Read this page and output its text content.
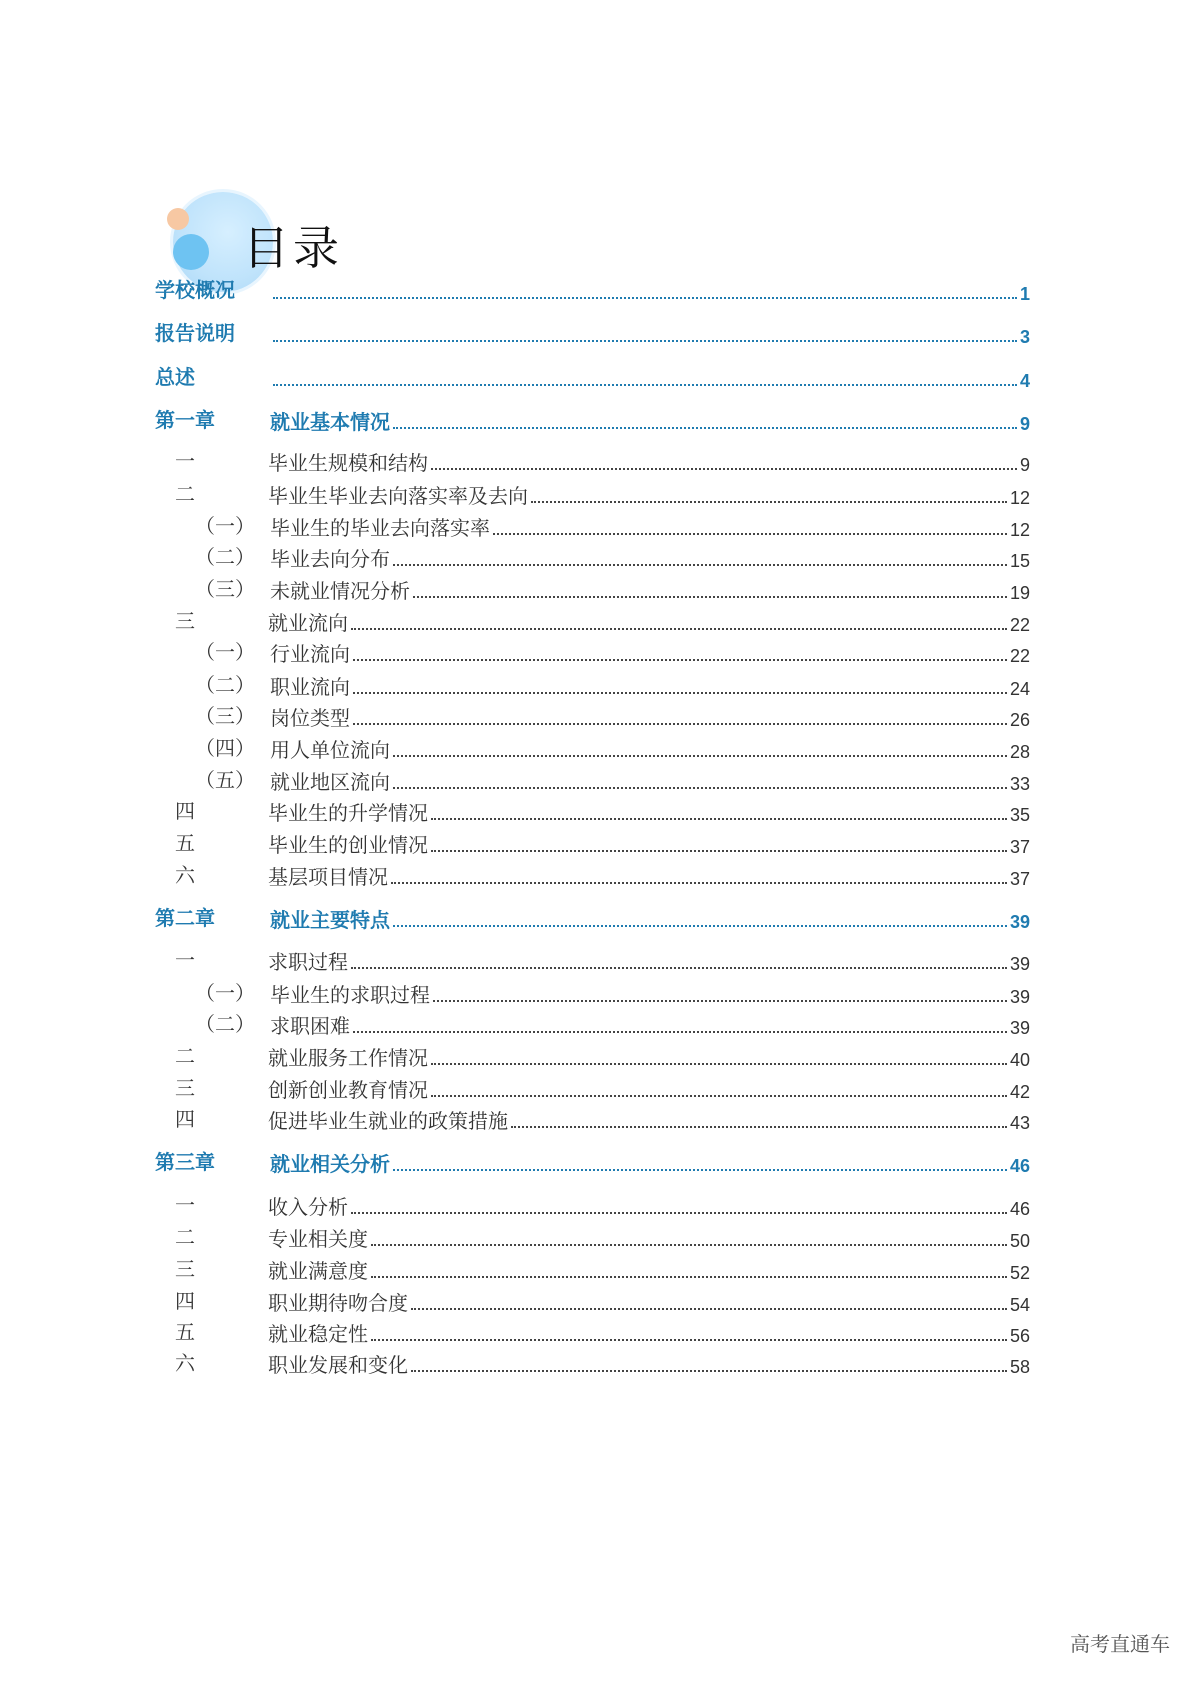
目录
学校概况	1
报告说明	3
总述	4
第一章	就业基本情况	9
一	毕业生规模和结构	9
二	毕业生毕业去向落实率及去向	12
（一） 毕业生的毕业去向落实率	12
（二） 毕业去向分布	15
（三） 未就业情况分析	19
三	就业流向	22
（一） 行业流向	22
（二） 职业流向	24
（三） 岗位类型	26
（四） 用人单位流向	28
（五） 就业地区流向	33
四	毕业生的升学情况	35
五	毕业生的创业情况	37
六	基层项目情况	37
第二章	就业主要特点	39
一	求职过程	39
（一） 毕业生的求职过程	39
（二） 求职困难	39
二	就业服务工作情况	40
三	创新创业教育情况	42
四	促进毕业生就业的政策措施	43
第三章	就业相关分析	46
一	收入分析	46
二	专业相关度	50
三	就业满意度	52
四	职业期待吻合度	54
五	就业稳定性	56
六	职业发展和变化	58
高考直通车
